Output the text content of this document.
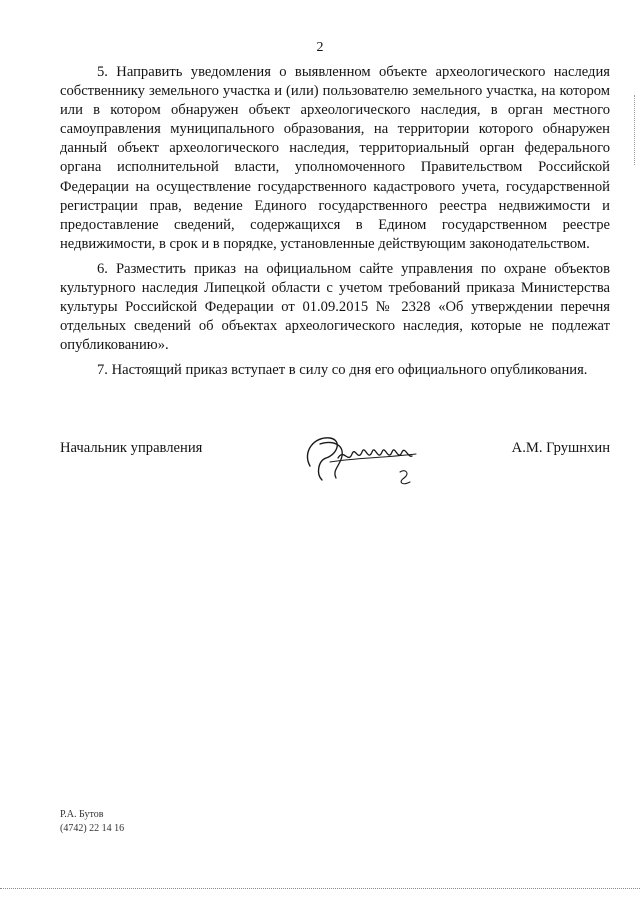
2

5. Направить уведомления о выявленном объекте археологического наследия собственнику земельного участка и (или) пользователю земельного участка, на котором или в котором обнаружен объект археологического наследия, в орган местного самоуправления муниципального образования, на территории которого обнаружен данный объект археологического наследия, территориальный орган федерального органа исполнительной власти, уполномоченного Правительством Российской Федерации на осуществление государственного кадастрового учета, государственной регистрации прав, ведение Единого государственного реестра недвижимости и предоставление сведений, содержащихся в Едином государственном реестре недвижимости, в срок и в порядке, установленные действующим законодательством.

6. Разместить приказ на официальном сайте управления по охране объектов культурного наследия Липецкой области с учетом требований приказа Министерства культуры Российской Федерации от 01.09.2015 № 2328 «Об утверждении перечня отдельных сведений об объектах археологического наследия, которые не подлежат опубликованию».

7. Настоящий приказ вступает в силу со дня его официального опубликования.

Начальник управления	А.М. Грушнхин
Р.А. Бутов
(4742) 22 14 16
